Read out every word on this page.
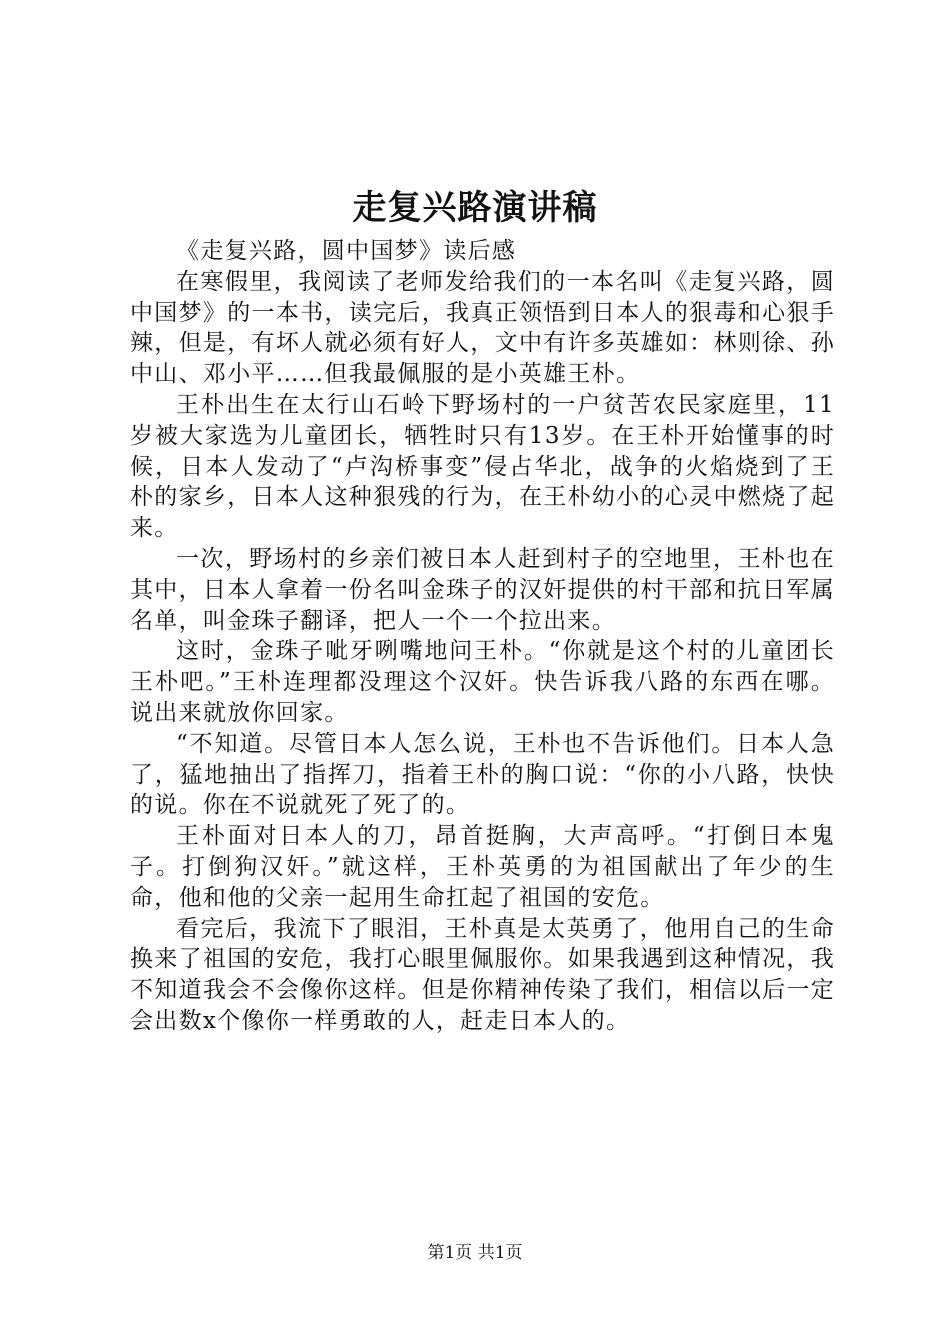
走复兴路演讲稿

《走复兴路，圆中国梦》读后感

在寒假里，我阅读了老师发给我们的一本名叫《走复兴路，圆中国梦》的一本书，读完后，我真正领悟到日本人的狠毒和心狠手辣，但是，有坏人就必须有好人，文中有许多英雄如：林则徐、孙中山、邓小平……但我最佩服的是小英雄王朴。

王朴出生在太行山石岭下野场村的一户贫苦农民家庭里，11岁被大家选为儿童团长，牺牲时只有13岁。在王朴开始懂事的时候，日本人发动了“卢沟桥事变”侵占华北，战争的火焰烧到了王朴的家乡，日本人这种狠残的行为，在王朴幼小的心灵中燃烧了起来。

一次，野场村的乡亲们被日本人赶到村子的空地里，王朴也在其中，日本人拿着一份名叫金珠子的汉奸提供的村干部和抗日军属名单，叫金珠子翻译，把人一个一个拉出来。

这时，金珠子呲牙咧嘴地问王朴。“你就是这个村的儿童团长王朴吧。”王朴连理都没理这个汉奸。快告诉我八路的东西在哪。说出来就放你回家。

“不知道。尽管日本人怎么说，王朴也不告诉他们。日本人急了，猛地抽出了指挥刀，指着王朴的胸口说：“你的小八路，快快的说。你在不说就死了死了的。

王朴面对日本人的刀，昂首挺胸，大声高呼。“打倒日本鬼子。打倒狗汉奸。”就这样，王朴英勇的为祖国献出了年少的生命，他和他的父亲一起用生命扛起了祖国的安危。

看完后，我流下了眼泪，王朴真是太英勇了，他用自己的生命换来了祖国的安危，我打心眼里佩服你。如果我遇到这种情况，我不知道我会不会像你这样。但是你精神传染了我们，相信以后一定会出数x个像你一样勇敢的人，赶走日本人的。

第1页 共1页
